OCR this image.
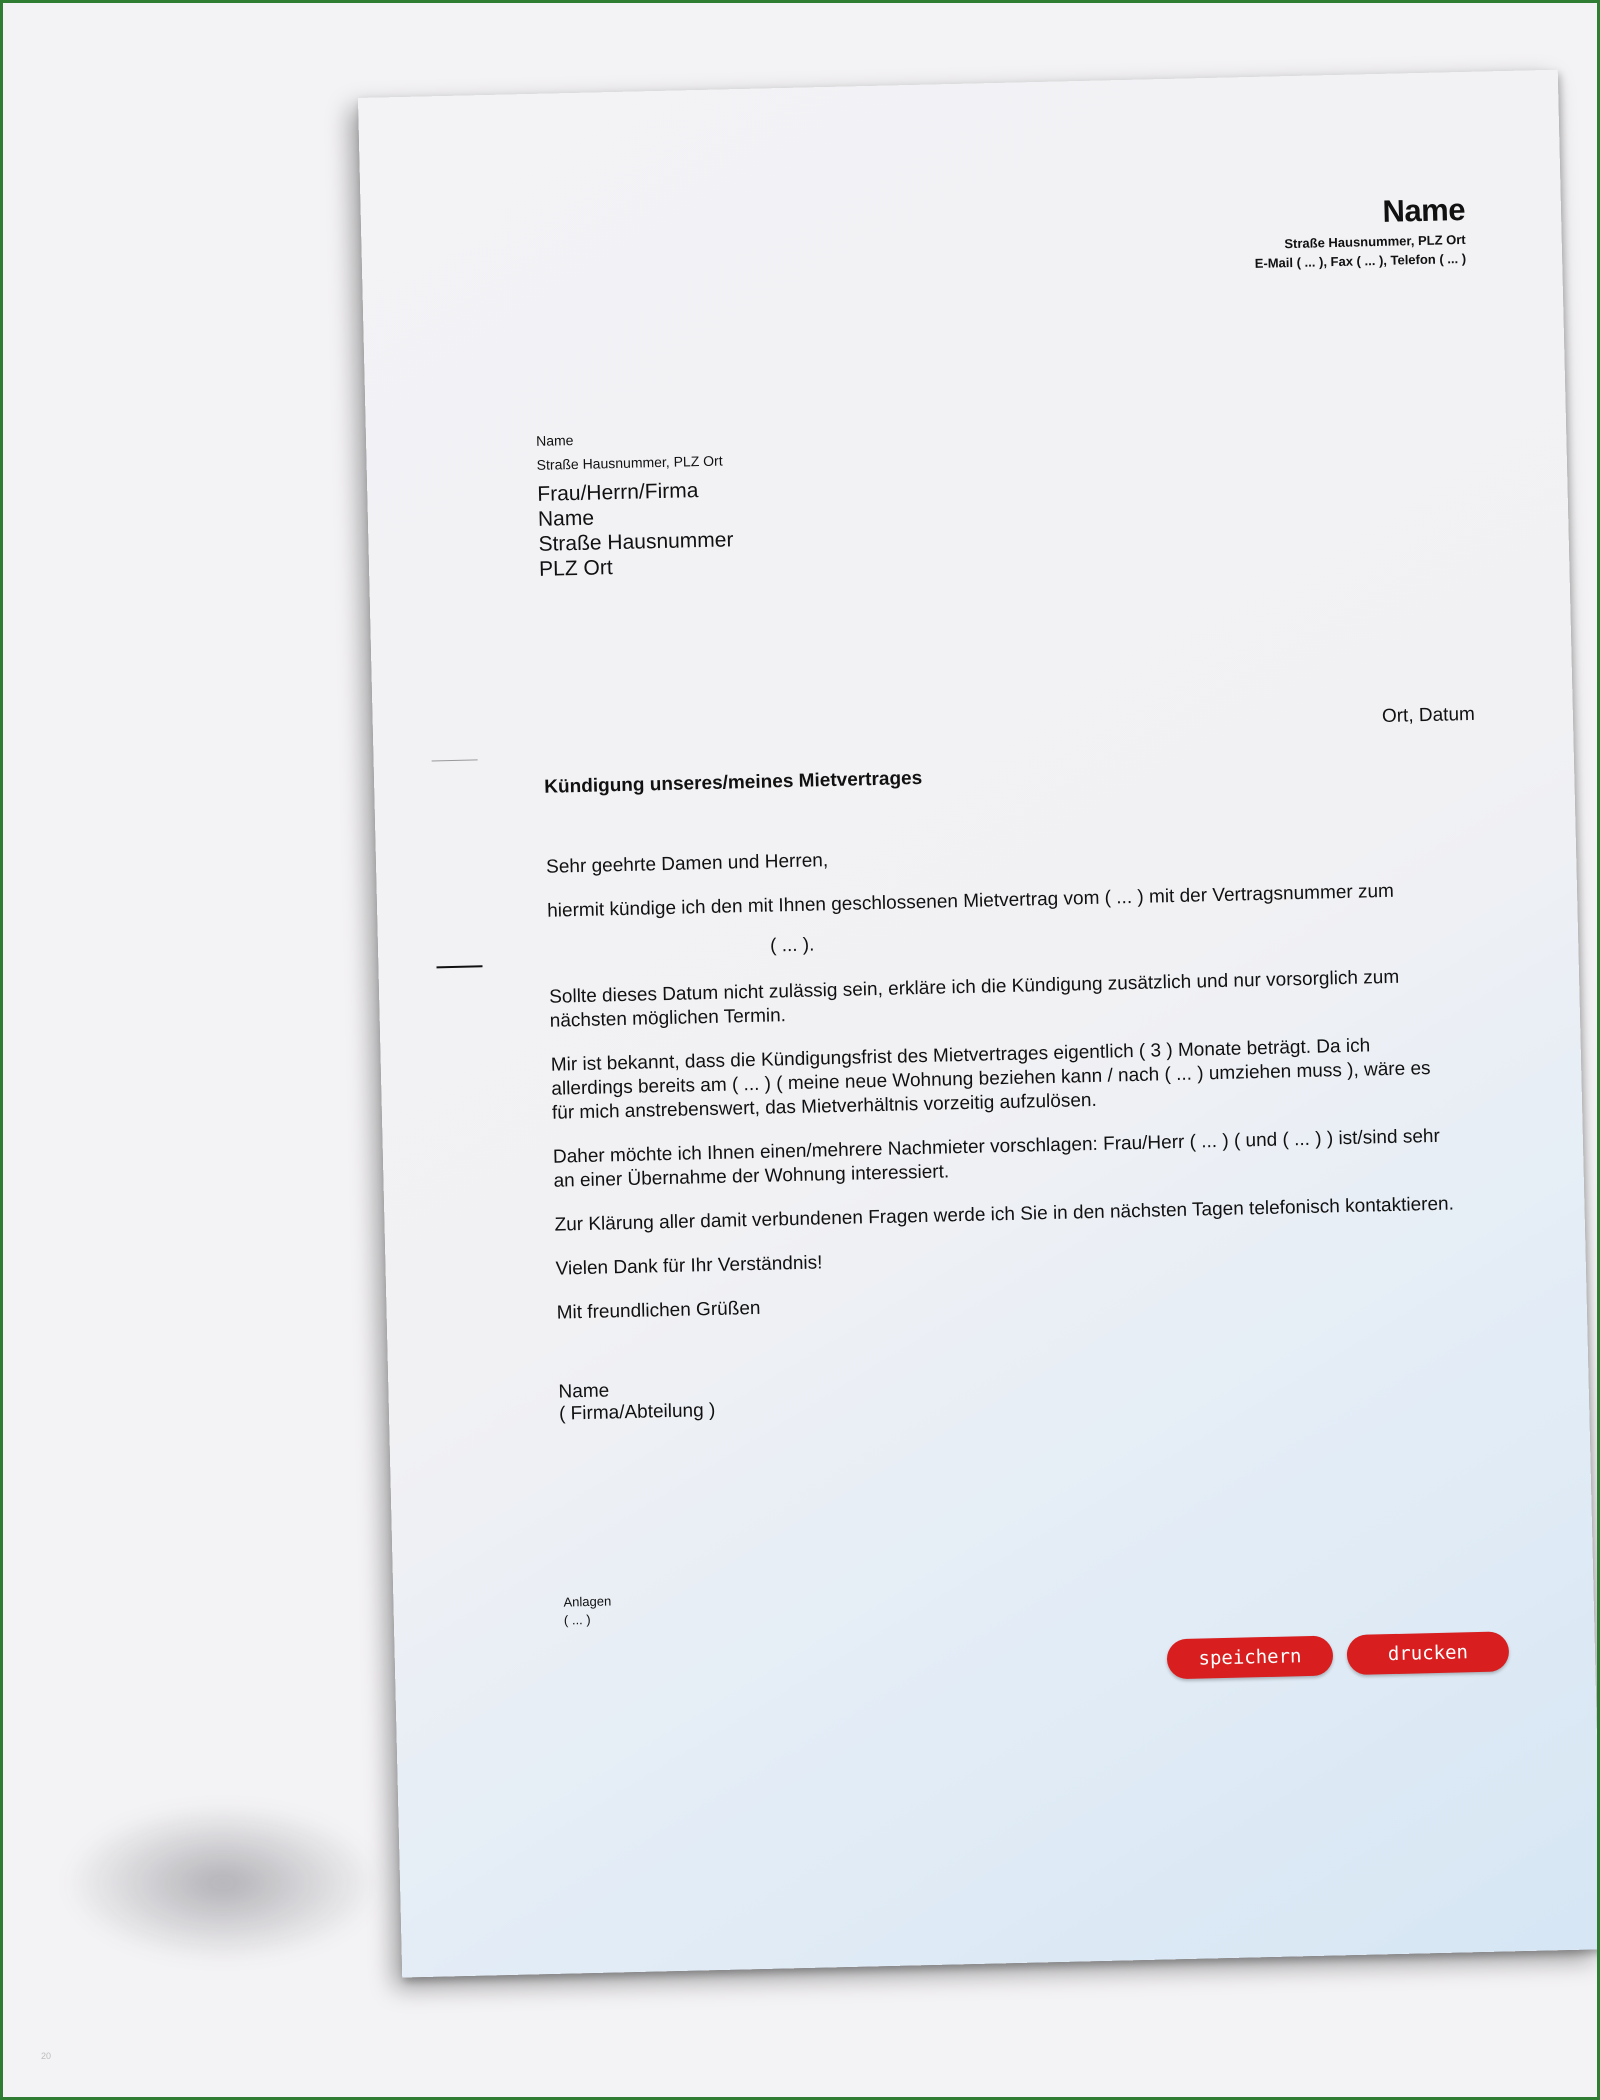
Name
Straße Hausnummer, PLZ Ort
E-Mail ( ... ), Fax ( ... ), Telefon ( ... )
Name
Straße Hausnummer, PLZ Ort
Frau/Herrn/Firma
Name
Straße Hausnummer
PLZ Ort
Ort, Datum
Kündigung unseres/meines Mietvertrages

Sehr geehrte Damen und Herren,

hiermit kündige ich den mit Ihnen geschlossenen Mietvertrag vom ( ... ) mit der Vertragsnummer zum

( ... ).

Sollte dieses Datum nicht zulässig sein, erkläre ich die Kündigung zusätzlich und nur vorsorglich zum nächsten möglichen Termin.

Mir ist bekannt, dass die Kündigungsfrist des Mietvertrages eigentlich ( 3 ) Monate beträgt. Da ich allerdings bereits am ( ... ) ( meine neue Wohnung beziehen kann / nach ( ... ) umziehen muss ), wäre es für mich anstrebenswert, das Mietverhältnis vorzeitig aufzulösen.

Daher möchte ich Ihnen einen/mehrere Nachmieter vorschlagen: Frau/Herr ( ... ) ( und ( ... ) ) ist/sind sehr an einer Übernahme der Wohnung interessiert.

Zur Klärung aller damit verbundenen Fragen werde ich Sie in den nächsten Tagen telefonisch kontaktieren.

Vielen Dank für Ihr Verständnis!

Mit freundlichen Grüßen

Name
( Firma/Abteilung )
Anlagen
( ... )
speichern	drucken
20
